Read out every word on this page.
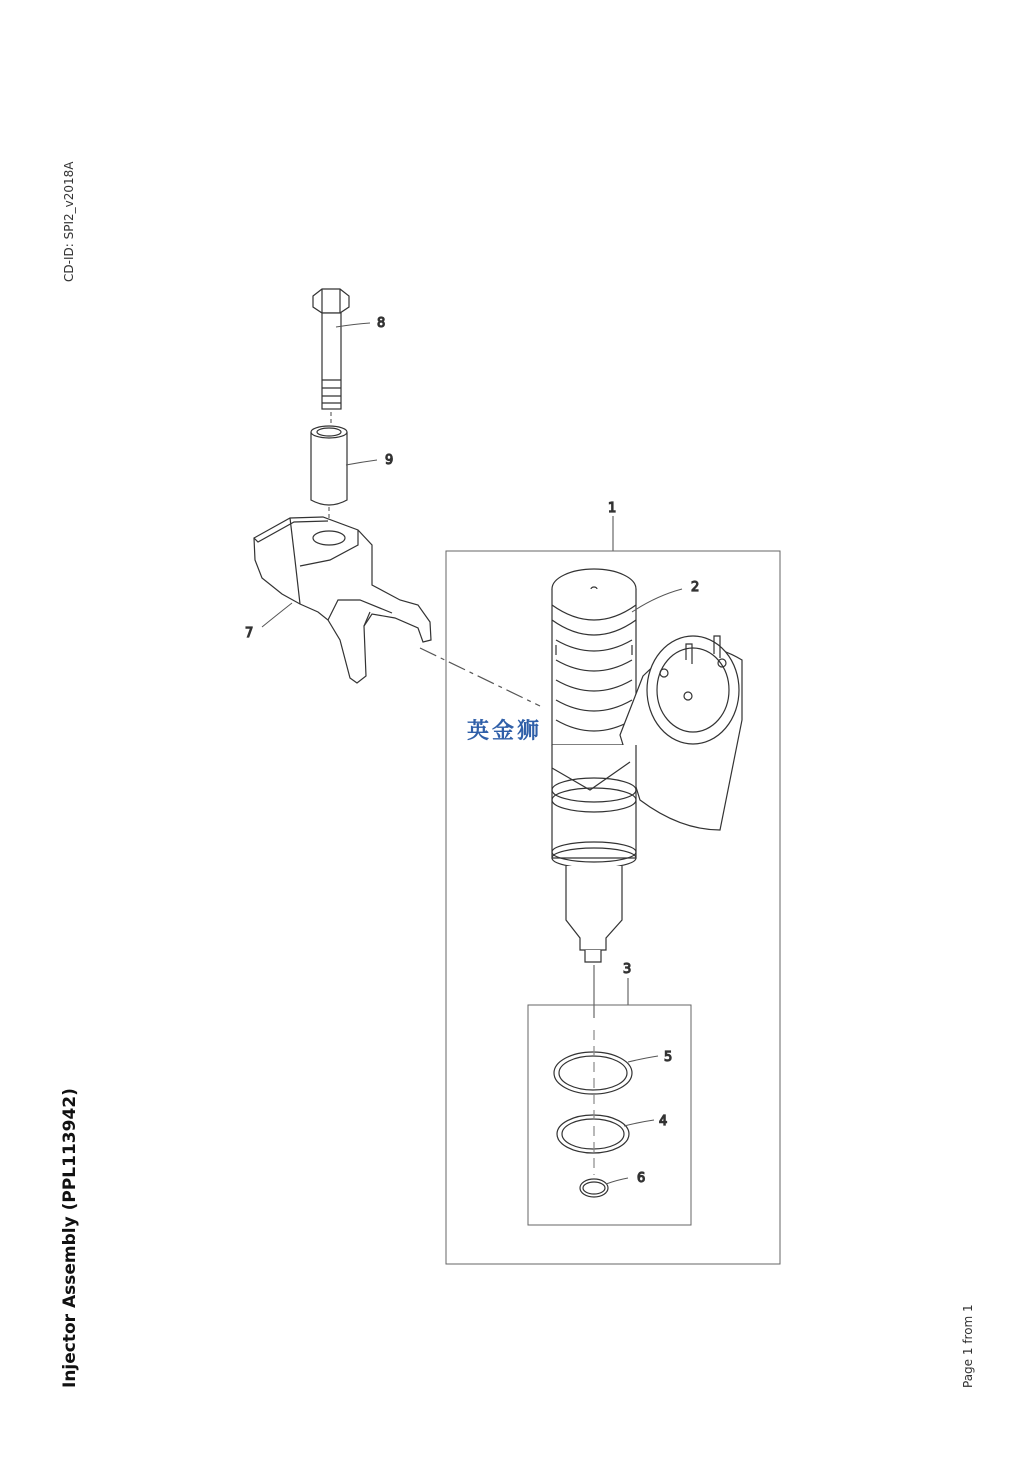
CD-ID: SPI2_v2018A
Injector Assembly (PPL113942)	Page 1 from 1
1
2
3
4
5
6
7
8
9
英金狮
